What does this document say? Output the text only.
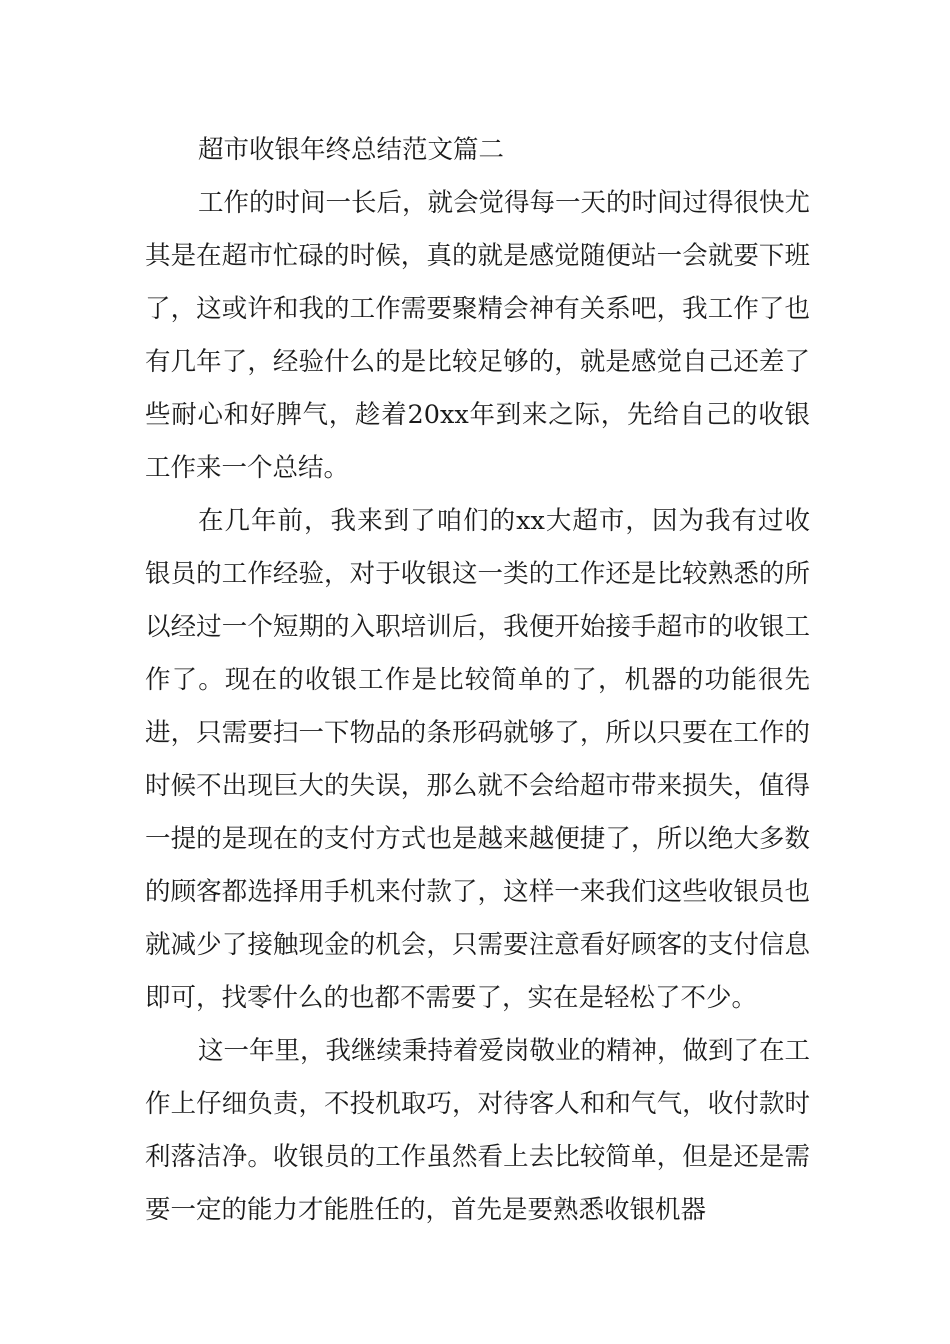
超市收银年终总结范文篇二

工作的时间一长后，就会觉得每一天的时间过得很快尤其是在超市忙碌的时候，真的就是感觉随便站一会就要下班了，这或许和我的工作需要聚精会神有关系吧，我工作了也有几年了，经验什么的是比较足够的，就是感觉自己还差了些耐心和好脾气，趁着20xx年到来之际，先给自己的收银工作来一个总结。

在几年前，我来到了咱们的xx大超市，因为我有过收银员的工作经验，对于收银这一类的工作还是比较熟悉的所以经过一个短期的入职培训后，我便开始接手超市的收银工作了。现在的收银工作是比较简单的了，机器的功能很先进，只需要扫一下物品的条形码就够了，所以只要在工作的时候不出现巨大的失误，那么就不会给超市带来损失，值得一提的是现在的支付方式也是越来越便捷了，所以绝大多数的顾客都选择用手机来付款了，这样一来我们这些收银员也就减少了接触现金的机会，只需要注意看好顾客的支付信息即可，找零什么的也都不需要了，实在是轻松了不少。

这一年里，我继续秉持着爱岗敬业的精神，做到了在工作上仔细负责，不投机取巧，对待客人和和气气，收付款时利落洁净。收银员的工作虽然看上去比较简单，但是还是需要一定的能力才能胜任的，首先是要熟悉收银机器
